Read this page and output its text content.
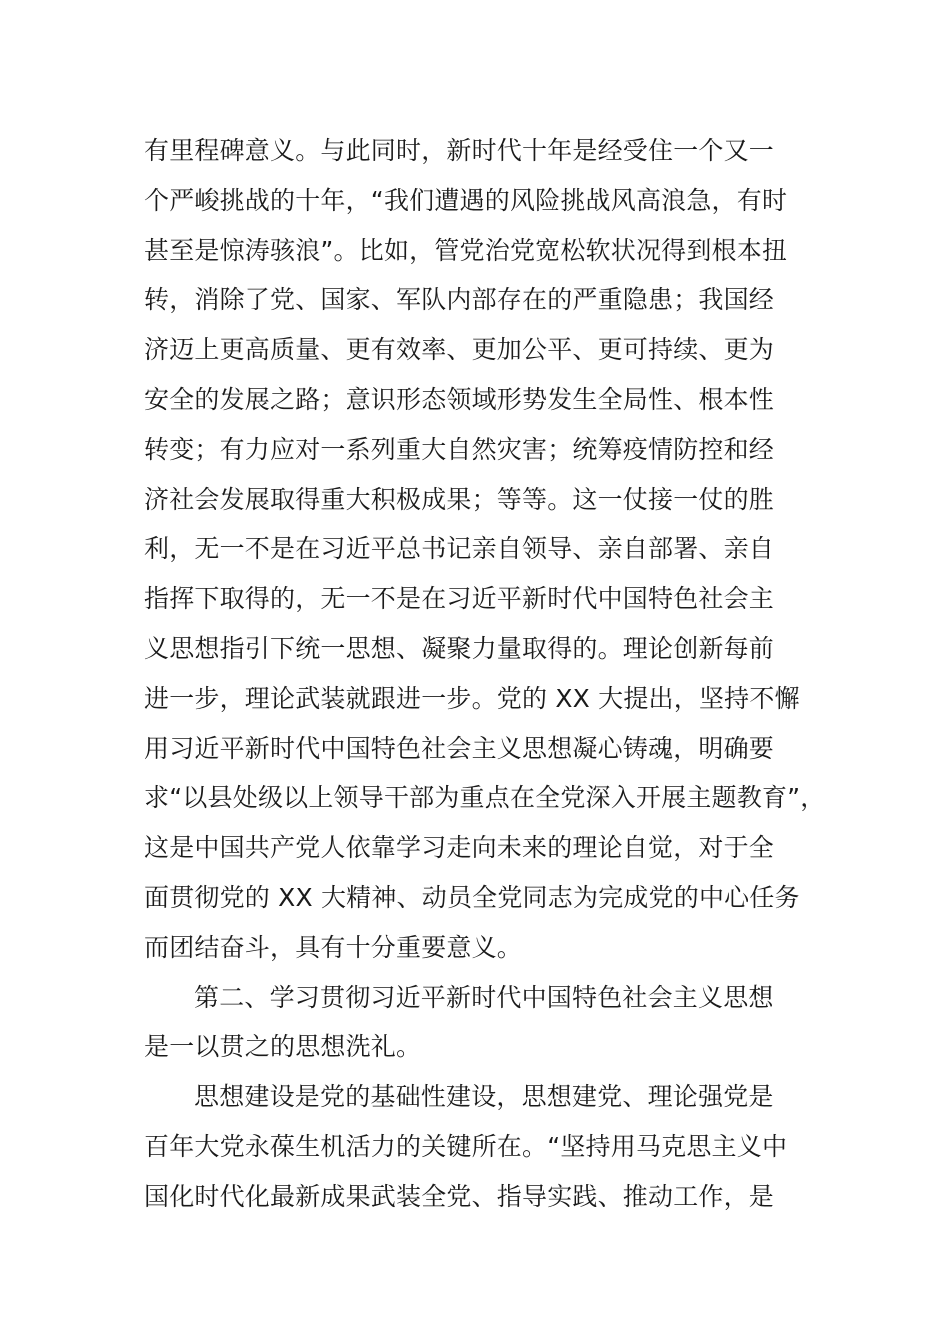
有里程碑意义。与此同时，新时代十年是经受住一个又一
个严峻挑战的十年，“我们遭遇的风险挑战风高浪急，有时
甚至是惊涛骇浪”。比如，管党治党宽松软状况得到根本扭
转，消除了党、国家、军队内部存在的严重隐患；我国经
济迈上更高质量、更有效率、更加公平、更可持续、更为
安全的发展之路；意识形态领域形势发生全局性、根本性
转变；有力应对一系列重大自然灾害；统筹疫情防控和经
济社会发展取得重大积极成果；等等。这一仗接一仗的胜
利，无一不是在习近平总书记亲自领导、亲自部署、亲自
指挥下取得的，无一不是在习近平新时代中国特色社会主
义思想指引下统一思想、凝聚力量取得的。理论创新每前
进一步，理论武装就跟进一步。党的 XX 大提出，坚持不懈
用习近平新时代中国特色社会主义思想凝心铸魂，明确要
求“以县处级以上领导干部为重点在全党深入开展主题教育”，
这是中国共产党人依靠学习走向未来的理论自觉，对于全
面贯彻党的 XX 大精神、动员全党同志为完成党的中心任务
而团结奋斗，具有十分重要意义。
第二、学习贯彻习近平新时代中国特色社会主义思想
是一以贯之的思想洗礼。
思想建设是党的基础性建设，思想建党、理论强党是
百年大党永葆生机活力的关键所在。“坚持用马克思主义中
国化时代化最新成果武装全党、指导实践、推动工作，是
